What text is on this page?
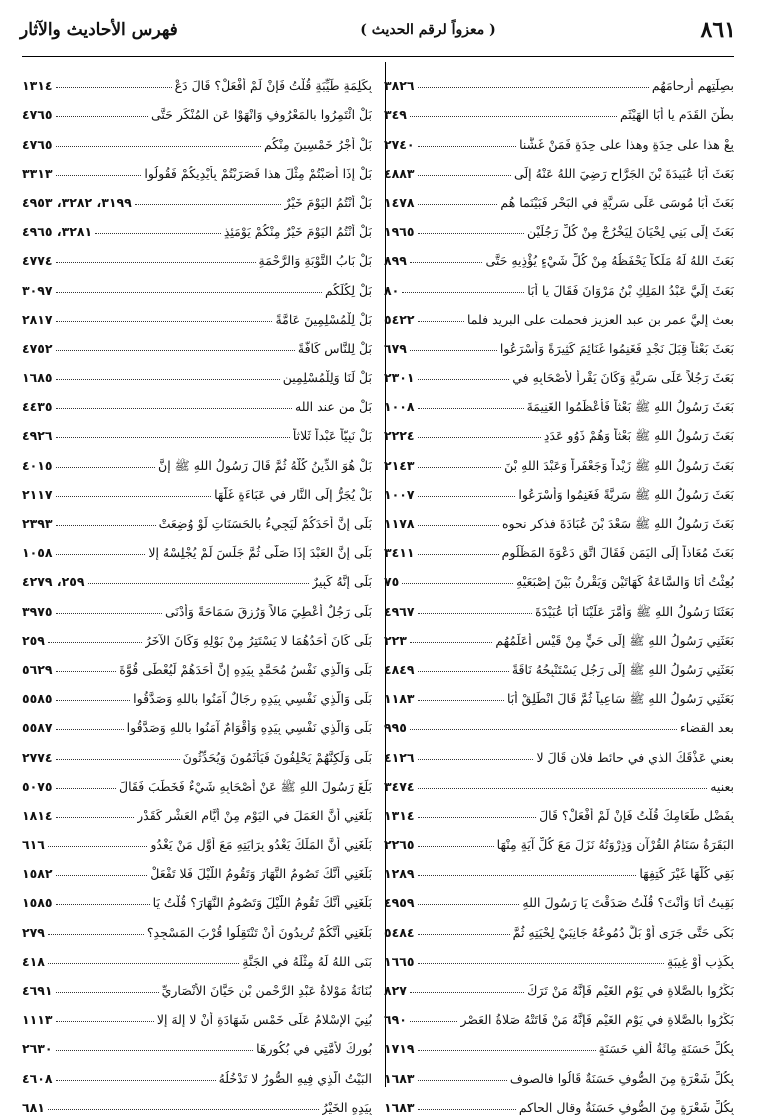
٨٦١
( معزواً لرقم الحديث )
فهرس الأحاديث والآثار
بصِلَتِهِم أرحامَهُم
٣٨٢٦
بطْنَ القَدَمِ يا أبَا الهَيْثَم
٣٤٩
بِعْ هذا على حِدَةٍ وهذا على حِدَةٍ فَمَنْ غَشَّنا
٢٧٤٠
بَعَثَ أبَا عُبَيدَةَ بْنَ الجَرَّاحِ رَضِيَ اللهُ عَنْهُ إلَى
٤٨٨٣
بَعَثَ أبَا مُوسَى عَلَى سَرِيَّةٍ في البَحْرِ فَبَيْنَما هُم
١٤٧٨
بَعَثَ إلَى بَنِي لِحْيَانَ لِيَخْرُجْ مِنْ كُلِّ رَجُلَيْنِ
١٩٦٥
بَعَثَ اللهُ لَهُ مَلَكاً يَحْفَظُهُ مِنْ كُلِّ شَيْءٍ يُؤْذِيهِ حَتَّى
٨٩٩
بَعَثَ إلَيَّ عَبْدُ المَلِكِ بْنُ مَرْوَانَ فَقَالَ يا أبَا
٨٠
بعث إليَّ عمر بن عبد العزيز فحملت على البريد فلما
٥٤٢٢
بَعَثَ بَعْثاً قِبَلَ نَجْدٍ فَغَنِمُوا غَنَائِمَ كَثِيرَةً وَأَسْرَعُوا
٦٧٩
بَعَثَ رَجُلاً عَلَى سَرِيَّةٍ وَكَانَ يَقْرأُ لأَصْحَابِهِ في
٢٣٠١
بَعَثَ رَسُولُ اللهِ ﷺ بَعْثاً فَأَعْظَمُوا الغَنِيمَةَ
١٠٠٨
بَعَثَ رَسُولُ اللهِ ﷺ بَعْثاً وَهُمْ ذَوُو عَدَدٍ
٢٢٢٤
بَعَثَ رَسُولُ اللهِ ﷺ زَيْداً وَجَعْفَراً وَعَبْدَ اللهِ بْنَ
٢١٤٣
بَعَثَ رَسُولُ اللهِ ﷺ سَرِيَّةً فَغَنِمُوا وَأَسْرَعُوا
١٠٠٧
بَعَثَ رَسُولُ اللهِ ﷺ سَعْدَ بْنَ عُبَادَةَ فذكر نحوه
١١٧٨
بَعَثَ مُعَاذاً إلَى اليَمَنِ فَقَالَ اتَّقِ دَعْوَةَ المَظْلُومِ
٣٤١١
بُعِثْتُ أنَا وَالسَّاعَةُ كَهَاتَيْنِ وَيَقْرِنُ بَيْنَ إصْبَعَيْهِ
٧٥
بَعَثَنَا رَسُولُ اللهِ ﷺ وَأَمَّرَ عَلَيْنَا أبَا عُبَيْدَةَ
٤٩٦٧
بَعَثَنِي رَسُولُ اللهِ ﷺ إلَى حَيٍّ مِنْ قَيْسٍ أُعَلِّمُهُم
٢٢٣
بَعَثَنِي رَسُولُ اللهِ ﷺ إلَى رَجُلٍ يَسْتَنْبِحُهُ نَاقَةً
٤٨٤٩
بَعَثَنِي رَسُولُ اللهِ ﷺ سَاعِياً ثُمَّ قَالَ انْطَلِقْ أبَا
١١٨٣
بعد القضاء
٩٩٥
بعني عَذْقَكَ الذي في حائط فلان قَالَ لا
٤١٢٦
بعنيه
٣٤٧٤
بِفَضْلِ طَعَامِكَ قُلْتُ فَإنْ لَمْ أفْعَلْ؟ قَالَ
١٣١٤
البَقَرَةُ سَنَامُ القُرْآنِ وَذِرْوَتُهُ نَزَلَ مَعَ كُلِّ آيَةٍ مِنْهَا
٢٢٦٥
بَقِي كُلُّهَا غَيْرَ كَتِفِهَا
١٢٨٩
بَقِيتُ أنَا وَأَنْتَ؟ قُلْتُ صَدَقْتَ يَا رَسُولَ اللهِ
٤٩٥٩
بَكَى حَتَّى جَرَى أوْ بَلَّ دُمُوعُهُ جَانِبَيْ لِحْيَتِهِ ثُمَّ
٥٤٨٤
بِكَذِبٍ أوْ غِيبَةٍ
١٦٦٥
بَكِّرُوا بالصَّلاةِ في يَوْمِ الغَيْمِ فَإنَّهُ مَنْ تَرَكَ
٨٢٧
بَكِّرُوا بالصَّلاةِ في يَوْمِ الغَيْمِ فَإنَّهُ مَنْ فَاتَتْهُ صَلاةُ العَصْرِ
٦٩٠
بِكُلِّ حَسَنَةٍ مِائَةُ ألفِ حَسَنَةٍ
١٧١٩
بِكُلِّ شَعْرَةٍ مِنَ الصُّوفِ حَسَنَةٌ قَالُوا فالصوف
١٦٨٣
بِكُلِّ شَعْرَةٍ مِنَ الصُّوفِ حَسَنَةٌ وقال الحاكم
١٦٨٣
بِكَلِمَةٍ طَيِّبَةٍ قُلْتُ فَإنْ لَمْ أفْعَلْ؟ قَالَ دَعْ
١٣١٤
بَلْ ائْتَمِرُوا بالمَعْرُوفِ وَانْهَوْا عَنِ المُنْكَرِ حَتَّى
٤٧٦٥
بَلْ أجْرُ خَمْسِينَ مِنْكُم
٤٧٦٥
بَلْ إذَا أصَبْتُمْ مِثْلَ هذا فَصَرَبْتُمْ بِأيْدِيكُمْ فَقُولُوا
٣٣١٣
بَلْ أنْتُمُ اليَوْمَ خَيْرٌ
٣١٩٩، ٣٢٨٢، ٤٩٥٣
بَلْ أنْتُمُ اليَوْمَ خَيْرٌ مِنْكُمْ يَوْمَئِذٍ
٣٢٨١، ٤٩٦٥
بَلْ بَابُ التَّوْبَةِ وَالرَّحْمَةِ
٤٧٧٤
بَلْ لِكُلِّكُم
٣٠٩٧
بَلْ لِلْمُسْلِمِينَ عَامَّةً
٢٨١٧
بَلْ لِلنَّاسِ كَافَّةً
٤٧٥٢
بَلْ لَنَا وَلِلْمُسْلِمِين
١٦٨٥
بَلْ من عند الله
٤٤٣٥
بَلْ نَبِيّاً عَبْداً ثَلاثاً
٤٩٢٦
بَلْ هُوَ الدِّينُ كُلُّهُ ثُمَّ قَالَ رَسُولُ اللهِ ﷺ إنَّ
٤٠١٥
بَلْ يُجَرُّ إلَى النَّارِ في عَبَاءَةٍ غَلَّهَا
٢١١٧
بَلَى إنَّ أحَدَكُمْ لَيَجِيءُ بالحَسَنَاتِ لَوْ وُضِعَتْ
٢٣٩٣
بَلَى إنَّ العَبْدَ إذَا صَلَّى ثُمَّ جَلَسَ لَمْ يُجْلِسْهُ إلا
١٠٥٨
بَلَى إنَّهُ كَبِيرٌ
٢٥٩، ٤٢٧٩
بَلَى رَجُلٌ أُعْطِيَ مَالاً وَرُزِقَ سَمَاحَةً وَأَدْنَى
٣٩٧٥
بَلَى كَانَ أحَدُهُمَا لا يَسْتَتِرُ مِنْ بَوْلِهِ وَكَانَ الآخَرُ
٢٥٩
بَلَى وَالَّذِي نَفْسُ مُحَمَّدٍ بِيَدِهِ إنَّ أحَدَهُمْ لَيُعْطَى قُوَّةَ
٥٦٢٩
بَلَى وَالَّذِي نَفْسِي بِيَدِهِ رِجَالٌ آمَنُوا باللهِ وَصَدَّقُوا
٥٥٨٥
بَلَى وَالَّذِي نَفْسِي بِيَدِهِ وَأقْوَامٌ آمَنُوا باللهِ وَصَدَّقُوا
٥٥٨٧
بَلَى وَلَكِنَّهُمْ يَحْلِفُونَ فَيَأْثَمُونَ وَيُحَدِّثُونَ
٢٧٧٤
بَلَغَ رَسُولَ اللهِ ﷺ عَنْ أصْحَابِهِ شَيْءٌ فَخَطَبَ فَقَالَ
٥٠٧٥
بَلَغَنِي أنَّ العَمَلَ في اليَوْمِ مِنْ أيَّامِ العَشْرِ كَقَدْرِ
١٨١٤
بَلَغَنِي أنَّ المَلَكَ يَغْدُو بِرَايَتِهِ مَعَ أوَّلِ مَنْ يَغْدُو
٦١٦
بَلَغَنِي أنَّكَ تَصُومُ النَّهَارَ وَتَقُومُ اللَّيْلَ فَلا تَفْعَلْ
١٥٨٢
بَلَغَنِي أنَّكَ تَقُومُ اللَّيْلَ وَتَصُومُ النَّهَارَ؟ قُلْتُ يَا
١٥٨٥
بَلَغَنِي أنَّكُمْ تُرِيدُونَ أنْ تَنْتَقِلُوا قُرْبَ المَسْجِدِ؟
٢٧٩
بَنَى اللهُ لَهُ مِثْلَهُ في الجَنَّةِ
٤١٨
بُنَانَةُ مَوْلاةُ عَبْدِ الرَّحْمنِ بْنِ حَيَّانَ الأنْصَارِيِّ
٤٦٩١
بُنِيَ الإسْلامُ عَلَى خَمْسٍ شَهَادَةِ أنْ لا إلهَ إلا
١١١٣
بُورِكَ لأمَّتِي في بُكُورِهَا
٢٦٣٠
البَيْتُ الَّذِي فِيهِ الصُّورُ لا تَدْخُلُهُ
٤٦٠٨
بِيَدِهِ الخَيْرُ
٦٨١
